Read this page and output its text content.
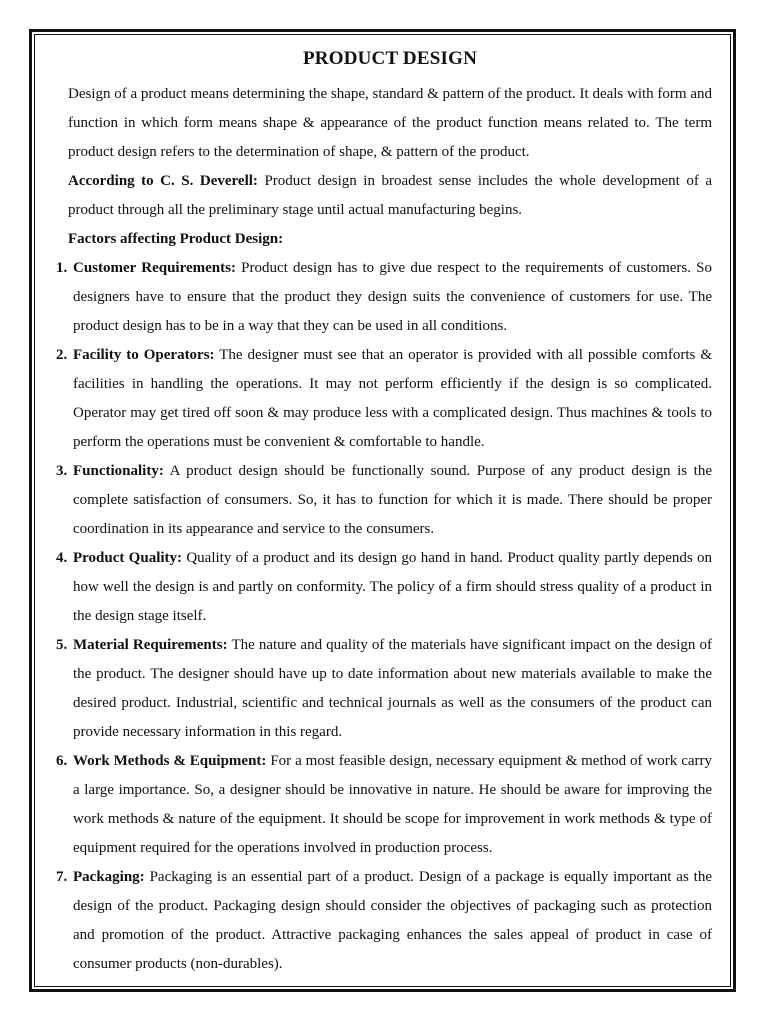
PRODUCT DESIGN

Design of a product means determining the shape, standard & pattern of the product. It deals with form and function in which form means shape & appearance of the product function means related to. The term product design refers to the determination of shape, & pattern of the product.

According to C. S. Deverell: Product design in broadest sense includes the whole development of a product through all the preliminary stage until actual manufacturing begins.

Factors affecting Product Design:

1. Customer Requirements: Product design has to give due respect to the requirements of customers. So designers have to ensure that the product they design suits the convenience of customers for use. The product design has to be in a way that they can be used in all conditions.
2. Facility to Operators: The designer must see that an operator is provided with all possible comforts & facilities in handling the operations. It may not perform efficiently if the design is so complicated. Operator may get tired off soon & may produce less with a complicated design. Thus machines & tools to perform the operations must be convenient & comfortable to handle.
3. Functionality: A product design should be functionally sound. Purpose of any product design is the complete satisfaction of consumers. So, it has to function for which it is made. There should be proper coordination in its appearance and service to the consumers.
4. Product Quality: Quality of a product and its design go hand in hand. Product quality partly depends on how well the design is and partly on conformity. The policy of a firm should stress quality of a product in the design stage itself.
5. Material Requirements: The nature and quality of the materials have significant impact on the design of the product. The designer should have up to date information about new materials available to make the desired product. Industrial, scientific and technical journals as well as the consumers of the product can provide necessary information in this regard.
6. Work Methods & Equipment: For a most feasible design, necessary equipment & method of work carry a large importance. So, a designer should be innovative in nature. He should be aware for improving the work methods & nature of the equipment. It should be scope for improvement in work methods & type of equipment required for the operations involved in production process.
7. Packaging: Packaging is an essential part of a product. Design of a package is equally important as the design of the product. Packaging design should consider the objectives of packaging such as protection and promotion of the product. Attractive packaging enhances the sales appeal of product in case of consumer products (non-durables).
